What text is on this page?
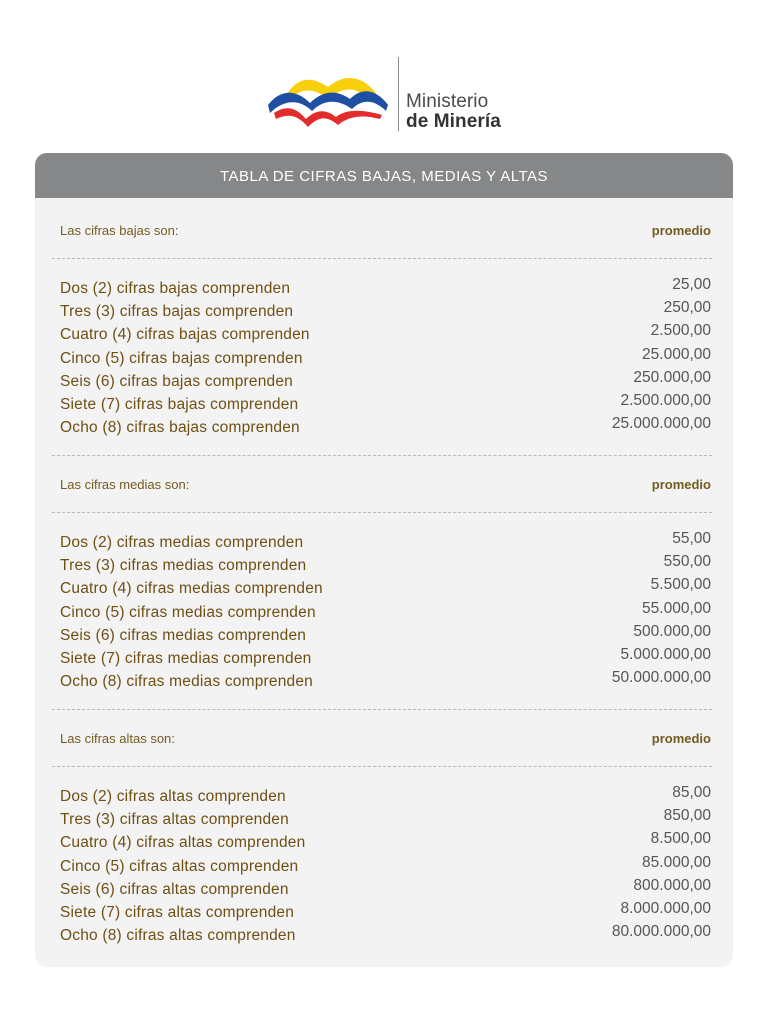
Ministerio
de Minería
TABLA DE CIFRAS BAJAS, MEDIAS Y ALTAS
Las cifras bajas son:	promedio
Dos (2) cifras bajas comprenden	25,00
Tres (3) cifras bajas comprenden	250,00
Cuatro (4) cifras bajas comprenden	2.500,00
Cinco (5) cifras bajas comprenden	25.000,00
Seis (6) cifras bajas comprenden	250.000,00
Siete (7) cifras bajas comprenden	2.500.000,00
Ocho (8) cifras bajas comprenden	25.000.000,00
Las cifras medias son:	promedio
Dos (2) cifras medias comprenden	55,00
Tres (3) cifras medias comprenden	550,00
Cuatro (4) cifras medias comprenden	5.500,00
Cinco (5) cifras medias comprenden	55.000,00
Seis (6) cifras medias comprenden	500.000,00
Siete (7) cifras medias comprenden	5.000.000,00
Ocho (8) cifras medias comprenden	50.000.000,00
Las cifras altas son:	promedio
Dos (2) cifras altas comprenden	85,00
Tres (3) cifras altas comprenden	850,00
Cuatro (4) cifras altas comprenden	8.500,00
Cinco (5) cifras altas comprenden	85.000,00
Seis (6) cifras altas comprenden	800.000,00
Siete (7) cifras altas comprenden	8.000.000,00
Ocho (8) cifras altas comprenden	80.000.000,00
